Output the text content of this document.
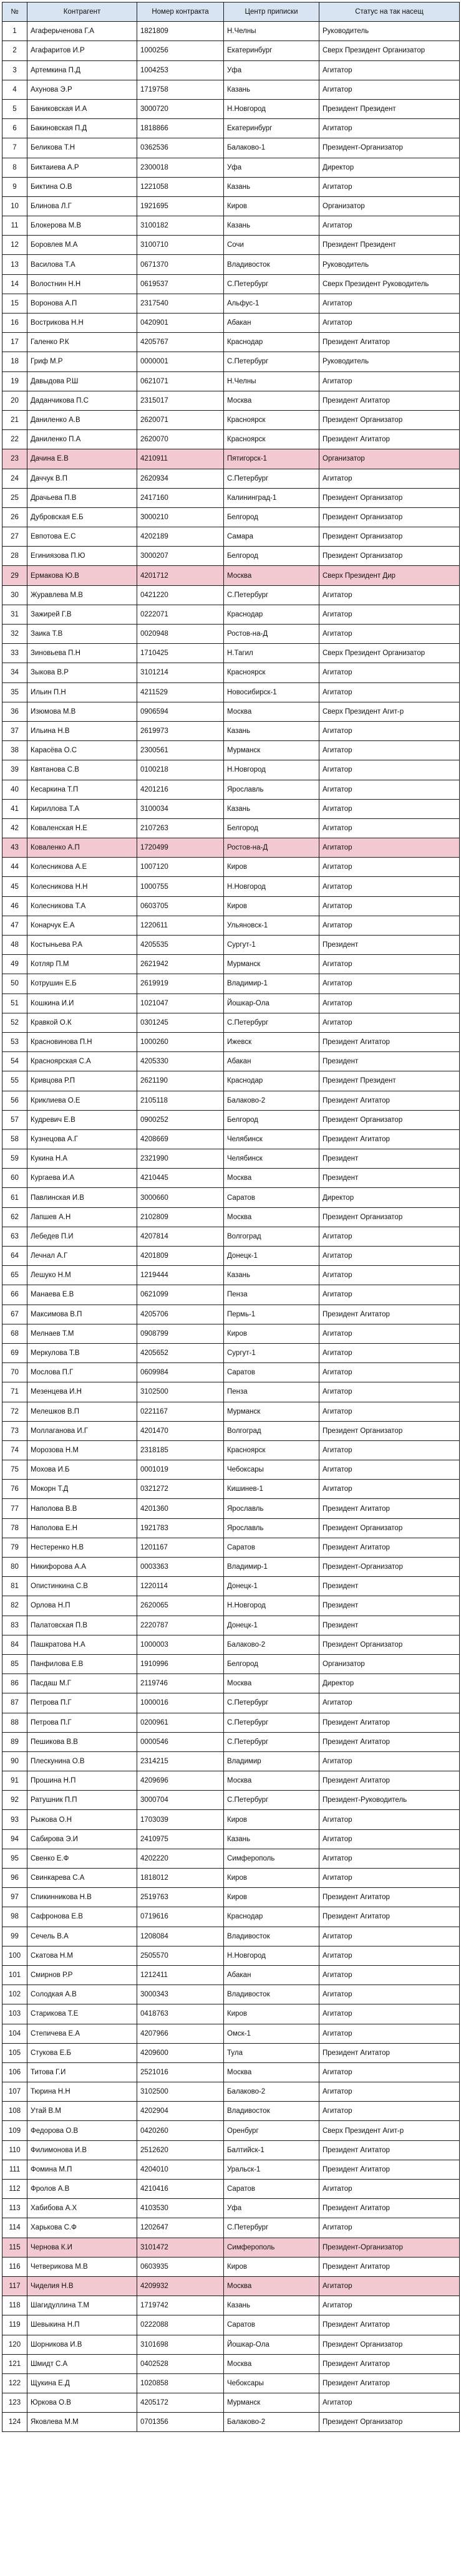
№	Контрагент	Номер контракта	Центр приписки	Статус на так насещ
1	Агаферьченова Г.А	1821809	Н.Челны	Руководитель
2	Агафаритов И.Р	1000256	Екатеринбург	Сверх Президент Организатор
3	Артемкина П.Д	1004253	Уфа	Агитатор
4	Ахунова Э.Р	1719758	Казань	Агитатор
5	Баниковская И.А	3000720	Н.Новгород	Президент Президент
6	Бакиновская П.Д	1818866	Екатеринбург	Агитатор
7	Беликова Т.Н	0362536	Балаково-1	Президент-Организатор
8	Биктаиева А.Р	2300018	Уфа	Директор
9	Биктина О.В	1221058	Казань	Агитатор
10	Блинова Л.Г	1921695	Киров	Организатор
11	Блокерова М.В	3100182	Казань	Агитатор
12	Боровлев М.А	3100710	Сочи	Президент Президент
13	Василова Т.А	0671370	Владивосток	Руководитель
14	Волостнин Н.Н	0619537	С.Петербург	Сверх Президент Руководитель
15	Воронова А.П	2317540	Альфус-1	Агитатор
16	Вострикова Н.Н	0420901	Абакан	Агитатор
17	Галенко Р.К	4205767	Краснодар	Президент Агитатор
18	Гриф М.Р	0000001	С.Петербург	Руководитель
19	Давыдова Р.Ш	0621071	Н.Челны	Агитатор
20	Даданчикова П.С	2315017	Москва	Президент Агитатор
21	Даниленко А.В	2620071	Красноярск	Президент Организатор
22	Даниленко П.А	2620070	Красноярск	Президент Агитатор
23	Дачина Е.В	4210911	Пятигорск-1	Организатор
24	Даччук В.П	2620934	С.Петербург	Агитатор
25	Драчьева П.В	2417160	Калининград-1	Президент Организатор
26	Дубровская Е.Б	3000210	Белгород	Президент Организатор
27	Евпотова Е.С	4202189	Самара	Президент Организатор
28	Егиниязова П.Ю	3000207	Белгород	Президент Организатор
29	Ермакова Ю.В	4201712	Москва	Сверх Президент Дир
30	Журавлева М.В	0421220	С.Петербург	Агитатор
31	Зажирей Г.В	0222071	Краснодар	Агитатор
32	Заика Т.В	0020948	Ростов-на-Д	Агитатор
33	Зиновьева П.Н	1710425	Н.Тагил	Сверх Президент Организатор
34	Зыкова В.Р	3101214	Красноярск	Агитатор
35	Ильин П.Н	4211529	Новосибирск-1	Агитатор
36	Изюмова М.В	0906594	Москва	Сверх Президент Агит-р
37	Ильина Н.В	2619973	Казань	Агитатор
38	Карасёва О.С	2300561	Мурманск	Агитатор
39	Квятанова С.В	0100218	Н.Новгород	Агитатор
40	Кесаркина Т.П	4201216	Ярославль	Агитатор
41	Кириллова Т.А	3100034	Казань	Агитатор
42	Коваленская Н.Е	2107263	Белгород	Агитатор
43	Коваленко А.П	1720499	Ростов-на-Д	Агитатор
44	Колесникова А.Е	1007120	Киров	Агитатор
45	Колесникова Н.Н	1000755	Н.Новгород	Агитатор
46	Колесникова Т.А	0603705	Киров	Агитатор
47	Конарчук Е.А	1220611	Ульяновск-1	Агитатор
48	Костыньева Р.А	4205535	Сургут-1	Президент
49	Котляр П.М	2621942	Мурманск	Агитатор
50	Котрушин Е.Б	2619919	Владимир-1	Агитатор
51	Кошкина И.И	1021047	Йошкар-Ола	Агитатор
52	Кравкой О.К	0301245	С.Петербург	Агитатор
53	Красновинова П.Н	1000260	Ижевск	Президент Агитатор
54	Красноярская С.А	4205330	Абакан	Президент
55	Кривцова Р.П	2621190	Краснодар	Президент Президент
56	Криклиева О.Е	2105118	Балаково-2	Президент Агитатор
57	Кудревич Е.В	0900252	Белгород	Президент Организатор
58	Кузнецова А.Г	4208669	Челябинск	Президент Агитатор
59	Кукина Н.А	2321990	Челябинск	Президент
60	Кургаева И.А	4210445	Москва	Президент
61	Павлинская И.В	3000660	Саратов	Директор
62	Лапшев А.Н	2102809	Москва	Президент Организатор
63	Лебедев П.И	4207814	Волгоград	Агитатор
64	Лечнал А.Г	4201809	Донецк-1	Агитатор
65	Лешуко Н.М	1219444	Казань	Агитатор
66	Манаева Е.В	0621099	Пенза	Агитатор
67	Максимова В.П	4205706	Пермь-1	Президент Агитатор
68	Мелнаев Т.М	0908799	Киров	Агитатор
69	Меркулова Т.В	4205652	Сургут-1	Агитатор
70	Мослова П.Г	0609984	Саратов	Агитатор
71	Мезенцева И.Н	3102500	Пенза	Агитатор
72	Мелешков В.П	0221167	Мурманск	Агитатор
73	Моллаганова И.Г	4201470	Волгоград	Президент Организатор
74	Морозова Н.М	2318185	Красноярск	Агитатор
75	Мохова И.Б	0001019	Чебоксары	Агитатор
76	Мокорн Т.Д	0321272	Кишинев-1	Агитатор
77	Наполова В.В	4201360	Ярославль	Президент Агитатор
78	Наполова Е.Н	1921783	Ярославль	Президент Организатор
79	Нестеренко Н.В	1201167	Саратов	Президент Агитатор
80	Никифорова А.А	0003363	Владимир-1	Президент-Организатор
81	Опистинкина С.В	1220114	Донецк-1	Президент
82	Орлова Н.П	2620065	Н.Новгород	Президент
83	Палатовская П.В	2220787	Донецк-1	Президент
84	Пашкратова Н.А	1000003	Балаково-2	Президент Организатор
85	Панфилова Е.В	1910996	Белгород	Организатор
86	Пасдаш М.Г	2119746	Москва	Директор
87	Петрова П.Г	1000016	С.Петербург	Агитатор
88	Петрова П.Г	0200961	С.Петербург	Президент Агитатор
89	Пешикова В.В	0000546	С.Петербург	Президент Агитатор
90	Плескунина О.В	2314215	Владимир	Агитатор
91	Прошина Н.П	4209696	Москва	Президент Агитатор
92	Ратушник П.П	3000704	С.Петербург	Президент-Руководитель
93	Рыжова О.Н	1703039	Киров	Агитатор
94	Сабирова Э.И	2410975	Казань	Агитатор
95	Свенко Е.Ф	4202220	Симферополь	Агитатор
96	Свинкарева С.А	1818012	Киров	Агитатор
97	Спикинникова Н.В	2519763	Киров	Президент Агитатор
98	Сафронова Е.В	0719616	Краснодар	Президент Агитатор
99	Сечель В.А	1208084	Владивосток	Агитатор
100	Скатова Н.М	2505570	Н.Новгород	Агитатор
101	Смирнов Р.Р	1212411	Абакан	Агитатор
102	Солодкая А.В	3000343	Владивосток	Агитатор
103	Старикова Т.Е	0418763	Киров	Агитатор
104	Степичева Е.А	4207966	Омск-1	Агитатор
105	Стукова Е.Б	4209600	Тула	Президент Агитатор
106	Титова Г.И	2521016	Москва	Агитатор
107	Тюрина Н.Н	3102500	Балаково-2	Агитатор
108	Утай В.М	4202904	Владивосток	Агитатор
109	Федорова О.В	0420260	Оренбург	Сверх Президент Агит-р
110	Филимонова И.В	2512620	Балтийск-1	Президент Агитатор
111	Фомина М.П	4204010	Уральск-1	Президент Агитатор
112	Фролов А.В	4210416	Саратов	Агитатор
113	Хабибова А.Х	4103530	Уфа	Президент Агитатор
114	Харькова С.Ф	1202647	С.Петербург	Агитатор
115	Чернова К.И	3101472	Симферополь	Президент-Организатор
116	Четверикова М.В	0603935	Киров	Президент Агитатор
117	Чиделия Н.В	4209932	Москва	Агитатор
118	Шагидуллина Т.М	1719742	Казань	Агитатор
119	Шевыкина Н.П	0222088	Саратов	Президент Агитатор
120	Шорникова И.В	3101698	Йошкар-Ола	Президент Организатор
121	Шмидт С.А	0402528	Москва	Президент Агитатор
122	Щукина Е.Д	1020858	Чебоксары	Президент Агитатор
123	Юркова О.В	4205172	Мурманск	Агитатор
124	Яковлева М.М	0701356	Балаково-2	Президент Организатор
